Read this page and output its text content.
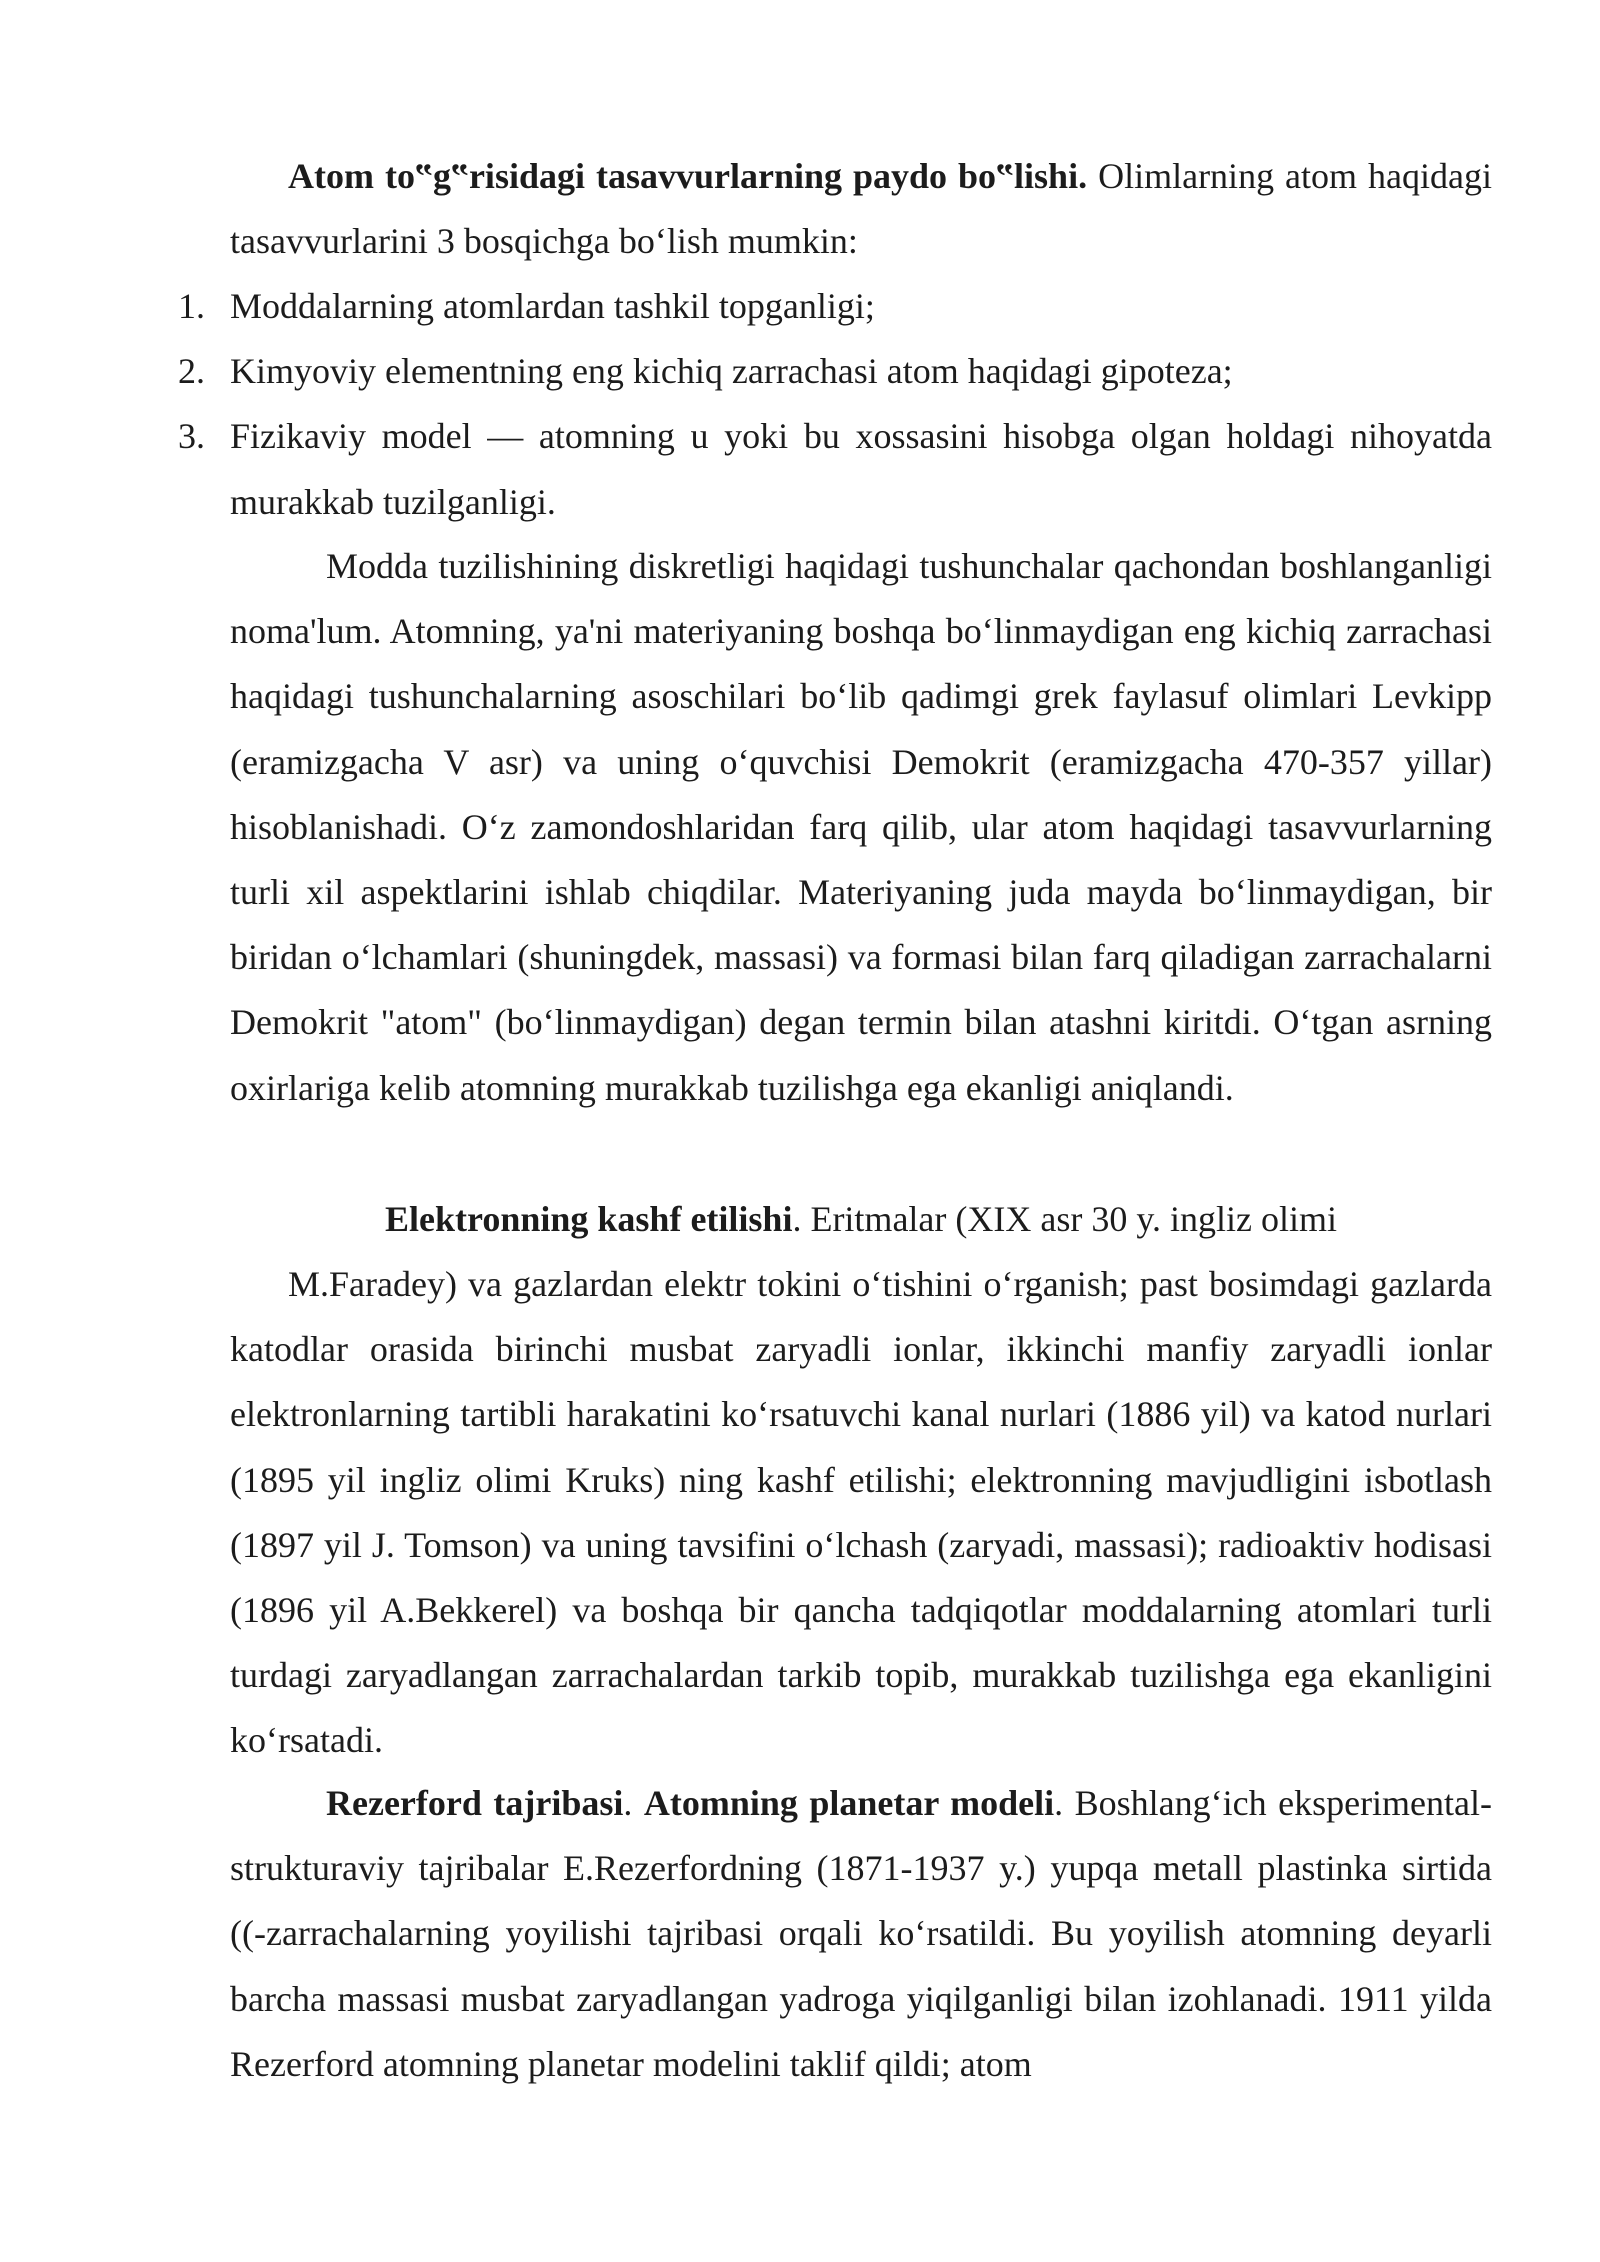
Atom to‟g‟risidagi tasavvurlarning paydo bo‟lishi. Olimlarning atom haqidagi tasavvurlarini 3 bosqichga bo‘lish mumkin:

1. Moddalarning atomlardan tashkil topganligi;
2. Kimyoviy elementning eng kichiq zarrachasi atom haqidagi gipoteza;
3. Fizikaviy model — atomning u yoki bu xossasini hisobga olgan holdagi nihoyatda murakkab tuzilganligi.

Modda tuzilishining diskretligi haqidagi tushunchalar qachondan boshlanganligi noma'lum. Atomning, ya'ni materiyaning boshqa bo‘linmaydigan eng kichiq zarrachasi haqidagi tushunchalarning asoschilari bo‘lib qadimgi grek faylasuf olimlari Levkipp (eramizgacha V asr) va uning o‘quvchisi Demokrit (eramizgacha 470-357 yillar) hisoblanishadi. O‘z zamondoshlaridan farq qilib, ular atom haqidagi tasavvurlarning turli xil aspektlarini ishlab chiqdilar. Materiyaning juda mayda bo‘linmaydigan, bir biridan o‘lchamlari (shuningdek, massasi) va formasi bilan farq qiladigan zarrachalarni Demokrit "atom" (bo‘linmaydigan) degan termin bilan atashni kiritdi. O‘tgan asrning oxirlariga kelib atomning murakkab tuzilishga ega ekanligi aniqlandi.

Elektronning kashf etilishi. Eritmalar (XIX asr 30 y. ingliz olimi

M.Faradey) va gazlardan elektr tokini o‘tishini o‘rganish; past bosimdagi gazlarda katodlar orasida birinchi musbat zaryadli ionlar, ikkinchi manfiy zaryadli ionlar elektronlarning tartibli harakatini ko‘rsatuvchi kanal nurlari (1886 yil) va katod nurlari (1895 yil ingliz olimi Kruks) ning kashf etilishi; elektronning mavjudligini isbotlash (1897 yil J. Tomson) va uning tavsifini o‘lchash (zaryadi, massasi); radioaktiv hodisasi (1896 yil A.Bekkerel) va boshqa bir qancha tadqiqotlar moddalarning atomlari turli turdagi zaryadlangan zarrachalardan tarkib topib, murakkab tuzilishga ega ekanligini ko‘rsatadi.

Rezerford tajribasi. Atomning planetar modeli. Boshlang‘ich eksperimental-strukturaviy tajribalar E.Rezerfordning (1871-1937 y.) yupqa metall plastinka sirtida ((-zarrachalarning yoyilishi tajribasi orqali ko‘rsatildi. Bu yoyilish atomning deyarli barcha massasi musbat zaryadlangan yadroga yiqilganligi bilan izohlanadi. 1911 yilda Rezerford atomning planetar modelini taklif qildi; atom
